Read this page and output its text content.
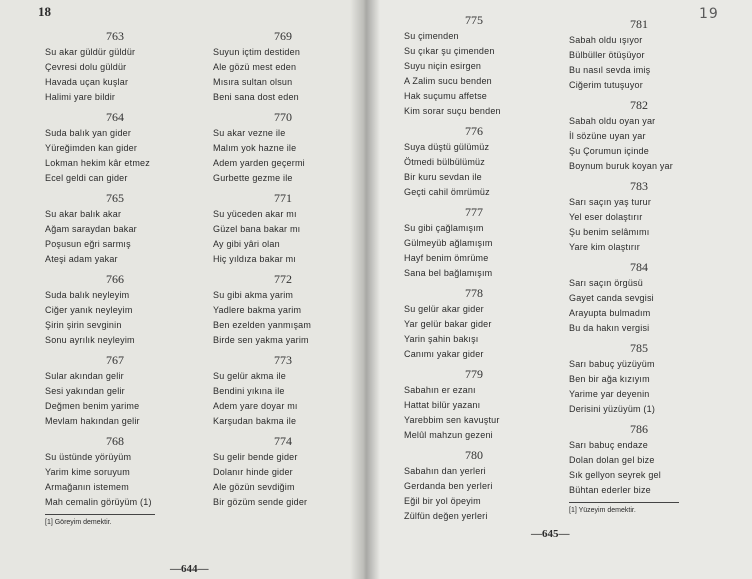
18
763
Su akar güldür güldür
Çevresi dolu güldür
Havada uçan kuşlar
Halimi yare bildir
764
Suda balık yan gider
Yüreğimden kan gider
Lokman hekim kâr etmez
Ecel geldi can gider
765
Su akar balık akar
Ağam saraydan bakar
Poşusun eğri sarmış
Ateşi adam yakar
766
Suda balık neyleyim
Ciğer yanık neyleyim
Şirin şirin sevginin
Sonu ayrılık neyleyim
767
Sular akından gelir
Sesi yakından gelir
Değmen benim yarime
Mevlam hakından gelir
768
Su üstünde yörüyüm
Yarim kime soruyum
Armağanın istemem
Mah cemalin görüyüm (1)
[1] Göreyim demektir.
769
Suyun içtim destiden
Ale gözü mest eden
Mısıra sultan olsun
Beni sana dost eden
770
Su akar vezne ile
Malım yok hazne ile
Adem yarden geçermi
Gurbette gezme ile
771
Su yüceden akar mı
Güzel bana bakar mı
Ay gibi yâri olan
Hiç yıldıza bakar mı
772
Su gibi akma yarim
Yadlere bakma yarim
Ben ezelden yanmışam
Birde sen yakma yarim
773
Su gelür akma ile
Bendini yıkına ile
Adem yare doyar mı
Karşudan bakma ile
774
Su gelir bende gider
Dolanır hinde gider
Ale gözün sevdiğim
Bir gözüm sende gider
—644—
19
775
Su çimenden
Su çıkar şu çimenden
Suyu niçin esirgen
A Zalim sucu benden
Hak suçumu affetse
Kim sorar suçu benden
776
Suya düştü gülümüz
Ötmedi bülbülümüz
Bir kuru sevdan ile
Geçti cahil ömrümüz
777
Su gibi çağlamışım
Gülmeyüb ağlamışım
Hayf benim ömrüme
Sana bel bağlamışım
778
Su gelür akar gider
Yar gelür bakar gider
Yarin şahin bakışı
Canımı yakar gider
779
Sabahın er ezanı
Hattat bilür yazanı
Yarebbim sen kavuştur
Melûl mahzun gezeni
780
Sabahın dan yerleri
Gerdanda ben yerleri
Eğil bir yol öpeyim
Zülfün değen yerleri
781
Sabah oldu ışıyor
Bülbüller ötüşüyor
Bu nasıl sevda imiş
Ciğerim tutuşuyor
782
Sabah oldu oyan yar
İl sözüne uyan yar
Şu Çorumun içinde
Boynum buruk koyan yar
783
Sarı saçın yaş turur
Yel eser dolaştırır
Şu benim selâmımı
Yare kim olaştırır
784
Sarı saçın örgüsü
Gayet canda sevgisi
Arayupta bulmadım
Bu da hakın vergisi
785
Sarı babuç yüzüyüm
Ben bir ağa kızıyım
Yarime yar deyenin
Derisini yüzüyüm (1)
786
Sarı babuç endaze
Dolan dolan gel bize
Sık gellyon seyrek gel
Bühtan ederler bize
[1] Yüzeyim demektir.
—645—
